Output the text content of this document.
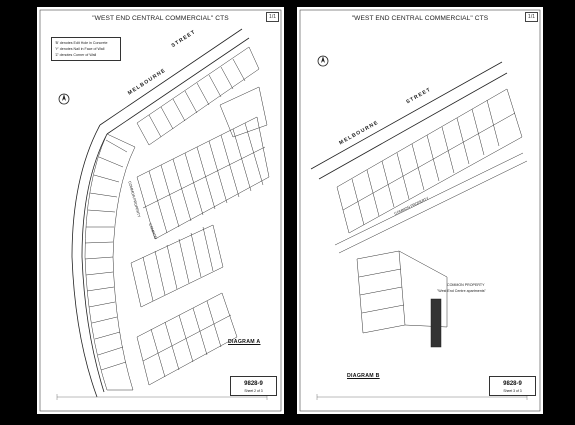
"WEST END CENTRAL COMMERCIAL" CTS	1/1
'B' denotes Edit Hole in Concrete
'Y' denotes Nail in Face of Wall
'Z' denotes Corner of Wall
MELBOURNE
STREET
COMMON PROPERTY
COMMON
DIAGRAM A
9828-9
Sheet 2 of 3
"WEST END CENTRAL COMMERCIAL" CTS	1/1
MELBOURNE
STREET
COMMON PROPERTY
COMMON PROPERTY
"West End Centre apartments"
DIAGRAM B
9828-9
Sheet 3 of 3
